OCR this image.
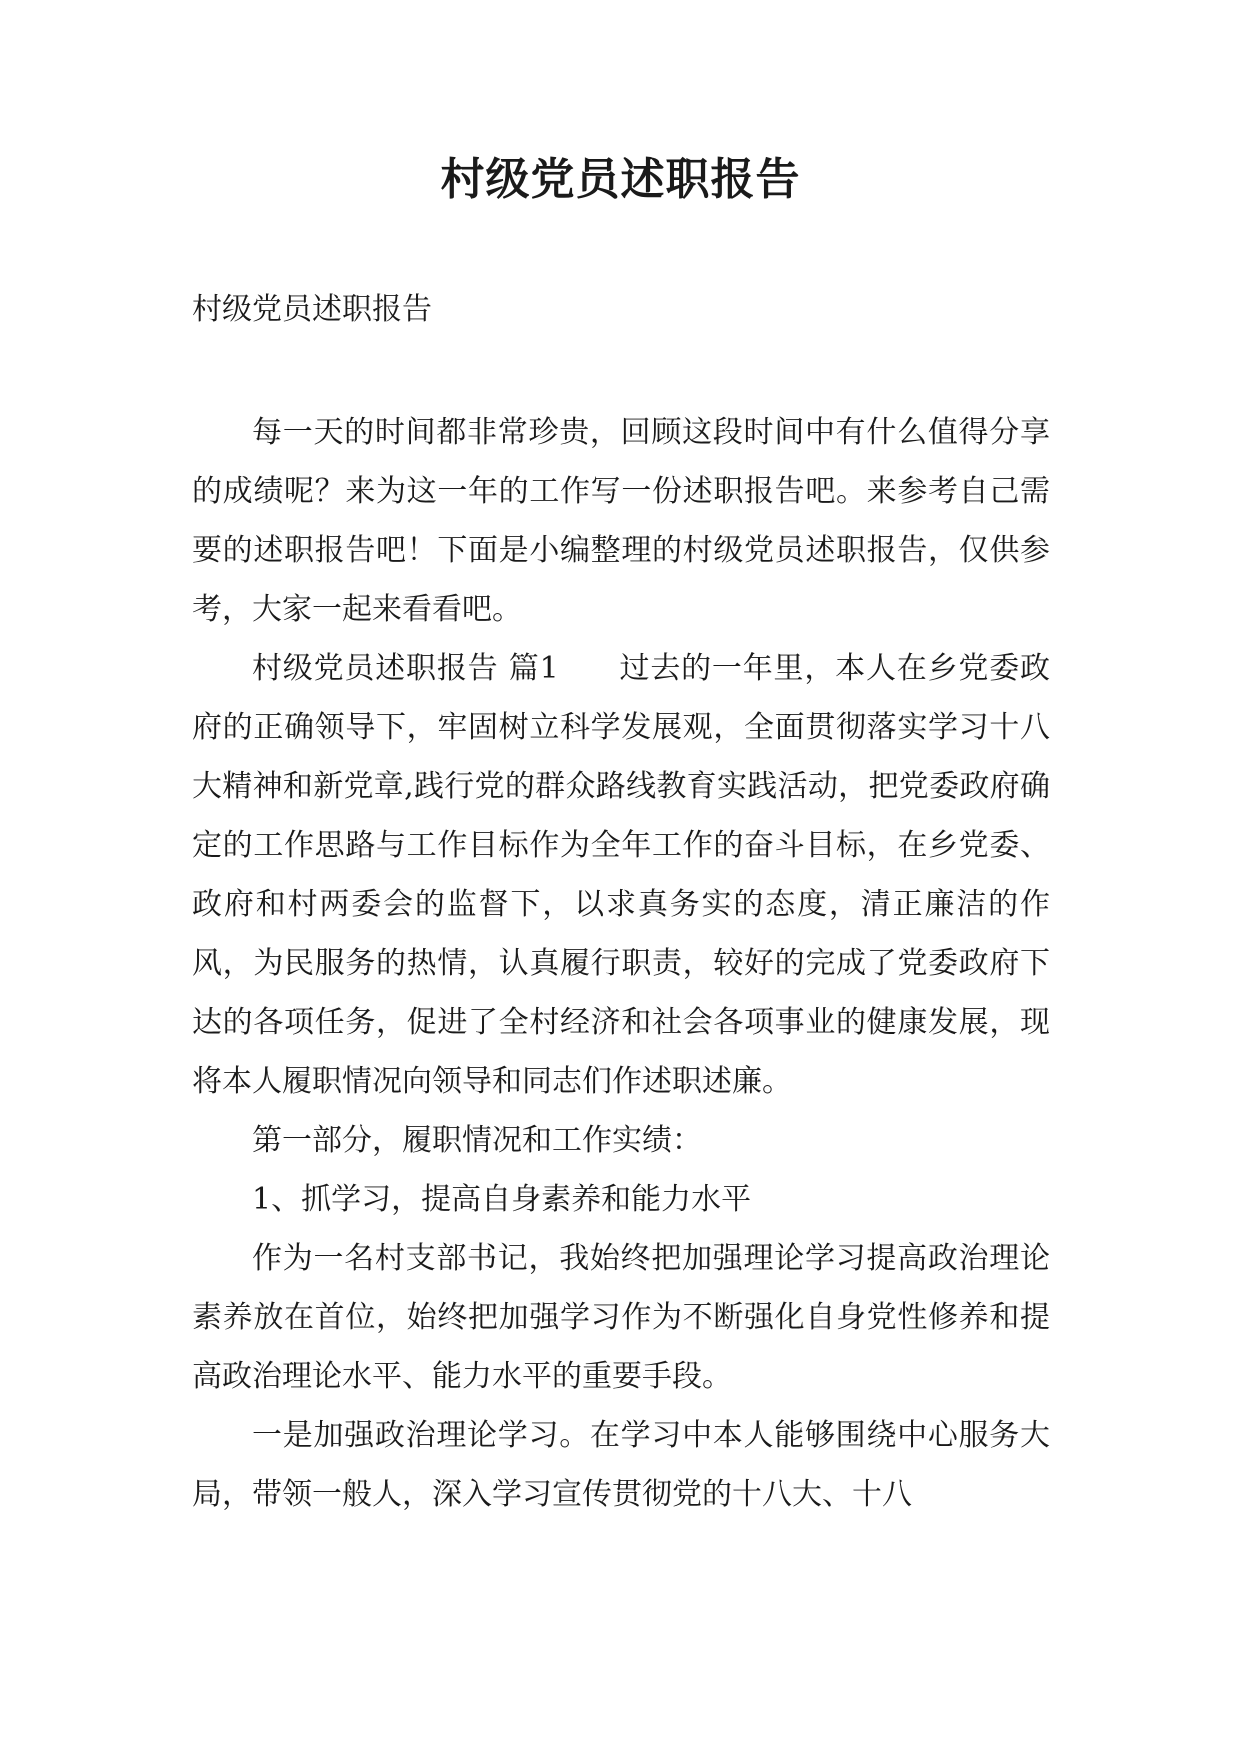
村级党员述职报告

村级党员述职报告

每一天的时间都非常珍贵，回顾这段时间中有什么值得分享的成绩呢？来为这一年的工作写一份述职报告吧。来参考自己需要的述职报告吧！下面是小编整理的村级党员述职报告，仅供参考，大家一起来看看吧。

村级党员述职报告 篇1 过去的一年里，本人在乡党委政府的正确领导下，牢固树立科学发展观，全面贯彻落实学习十八大精神和新党章,践行党的群众路线教育实践活动，把党委政府确定的工作思路与工作目标作为全年工作的奋斗目标，在乡党委、政府和村两委会的监督下，以求真务实的态度，清正廉洁的作风，为民服务的热情，认真履行职责，较好的完成了党委政府下达的各项任务，促进了全村经济和社会各项事业的健康发展，现将本人履职情况向领导和同志们作述职述廉。

第一部分，履职情况和工作实绩：

1、抓学习，提高自身素养和能力水平

作为一名村支部书记，我始终把加强理论学习提高政治理论素养放在首位，始终把加强学习作为不断强化自身党性修养和提高政治理论水平、能力水平的重要手段。

一是加强政治理论学习。在学习中本人能够围绕中心服务大局，带领一般人，深入学习宣传贯彻党的十八大、十八
